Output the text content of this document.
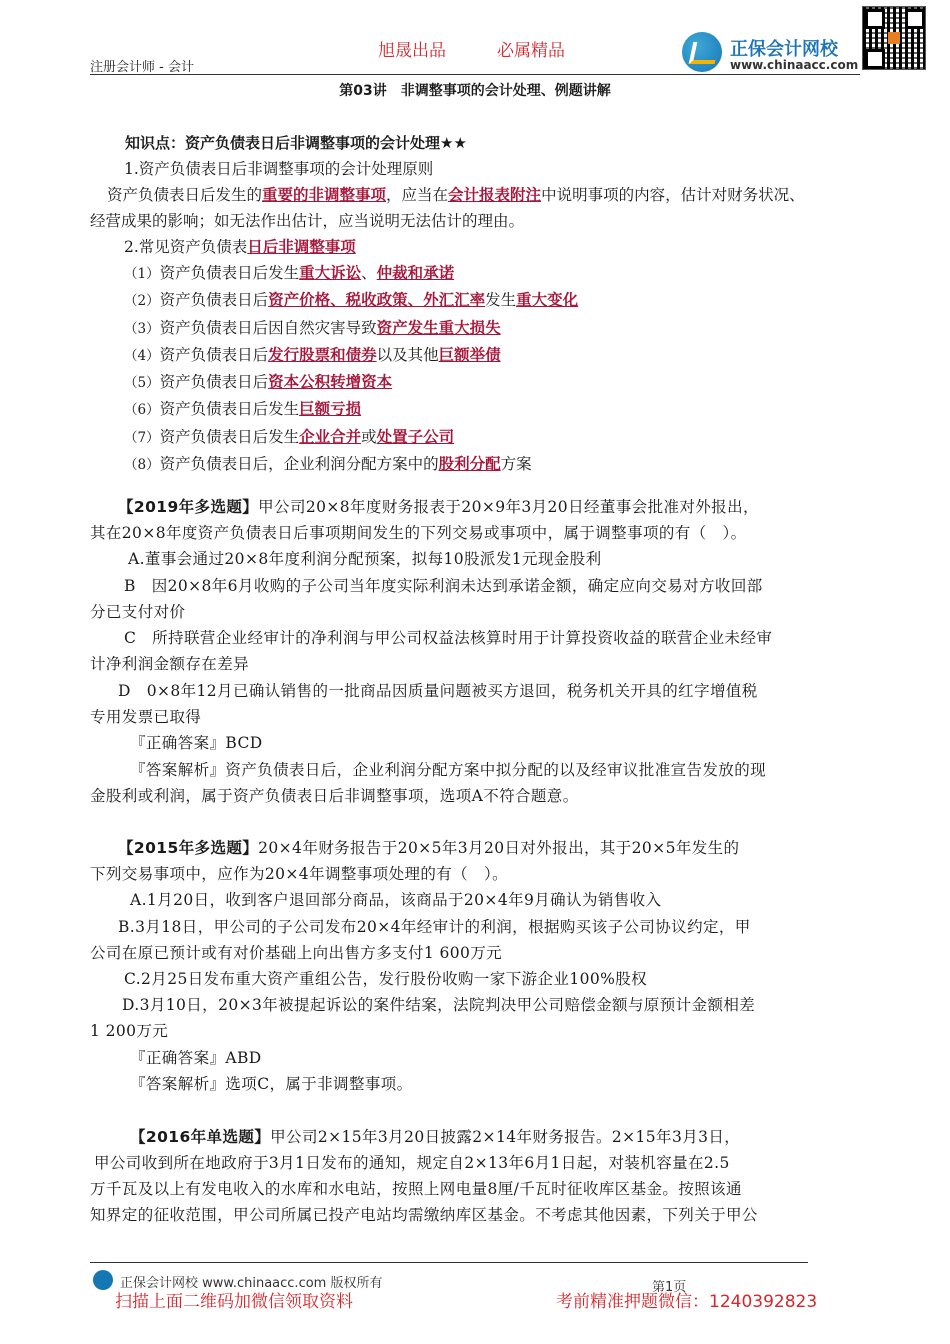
注册会计师 - 会计
旭晟出品	必属精品	正保会计网校
www.chinaacc.com
第03讲　非调整事项的会计处理、例题讲解
知识点：资产负债表日后非调整事项的会计处理★★
1.资产负债表日后非调整事项的会计处理原则
资产负债表日后发生的重要的非调整事项，应当在会计报表附注中说明事项的内容，估计对财务状况、
经营成果的影响；如无法作出估计，应当说明无法估计的理由。
2.常见资产负债表日后非调整事项
（1）资产负债表日后发生重大诉讼、仲裁和承诺
（2）资产负债表日后资产价格、税收政策、外汇汇率发生重大变化
（3）资产负债表日后因自然灾害导致资产发生重大损失
（4）资产负债表日后发行股票和债券以及其他巨额举债
（5）资产负债表日后资本公积转增资本
（6）资产负债表日后发生巨额亏损
（7）资产负债表日后发生企业合并或处置子公司
（8）资产负债表日后，企业利润分配方案中的股利分配方案
【2019年多选题】甲公司20×8年度财务报表于20×9年3月20日经董事会批准对外报出，
其在20×8年度资产负债表日后事项期间发生的下列交易或事项中，属于调整事项的有（　）。
A.董事会通过20×8年度利润分配预案，拟每10股派发1元现金股利
B　因20×8年6月收购的子公司当年度实际利润未达到承诺金额，确定应向交易对方收回部
分已支付对价
C　所持联营企业经审计的净利润与甲公司权益法核算时用于计算投资收益的联营企业未经审
计净利润金额存在差异
D　0×8年12月已确认销售的一批商品因质量问题被买方退回，税务机关开具的红字增值税
专用发票已取得
『正确答案』BCD
『答案解析』资产负债表日后，企业利润分配方案中拟分配的以及经审议批准宣告发放的现
金股利或利润，属于资产负债表日后非调整事项，选项A不符合题意。
【2015年多选题】20×4年财务报告于20×5年3月20日对外报出，其于20×5年发生的
下列交易事项中，应作为20×4年调整事项处理的有（　）。
A.1月20日，收到客户退回部分商品，该商品于20×4年9月确认为销售收入
B.3月18日，甲公司的子公司发布20×4年经审计的利润，根据购买该子公司协议约定，甲
公司在原已预计或有对价基础上向出售方多支付1 600万元
C.2月25日发布重大资产重组公告，发行股份收购一家下游企业100%股权
D.3月10日，20×3年被提起诉讼的案件结案，法院判决甲公司赔偿金额与原预计金额相差
1 200万元
『正确答案』ABD
『答案解析』选项C，属于非调整事项。
【2016年单选题】甲公司2×15年3月20日披露2×14年财务报告。2×15年3月3日，
甲公司收到所在地政府于3月1日发布的通知，规定自2×13年6月1日起，对装机容量在2.5
万千瓦及以上有发电收入的水库和水电站，按照上网电量8厘/千瓦时征收库区基金。按照该通
知界定的征收范围，甲公司所属已投产电站均需缴纳库区基金。不考虑其他因素，下列关于甲公
正保会计网校 www.chinaacc.com 版权所有	第1页
扫描上面二维码加微信领取资料	考前精准押题微信：1240392823
